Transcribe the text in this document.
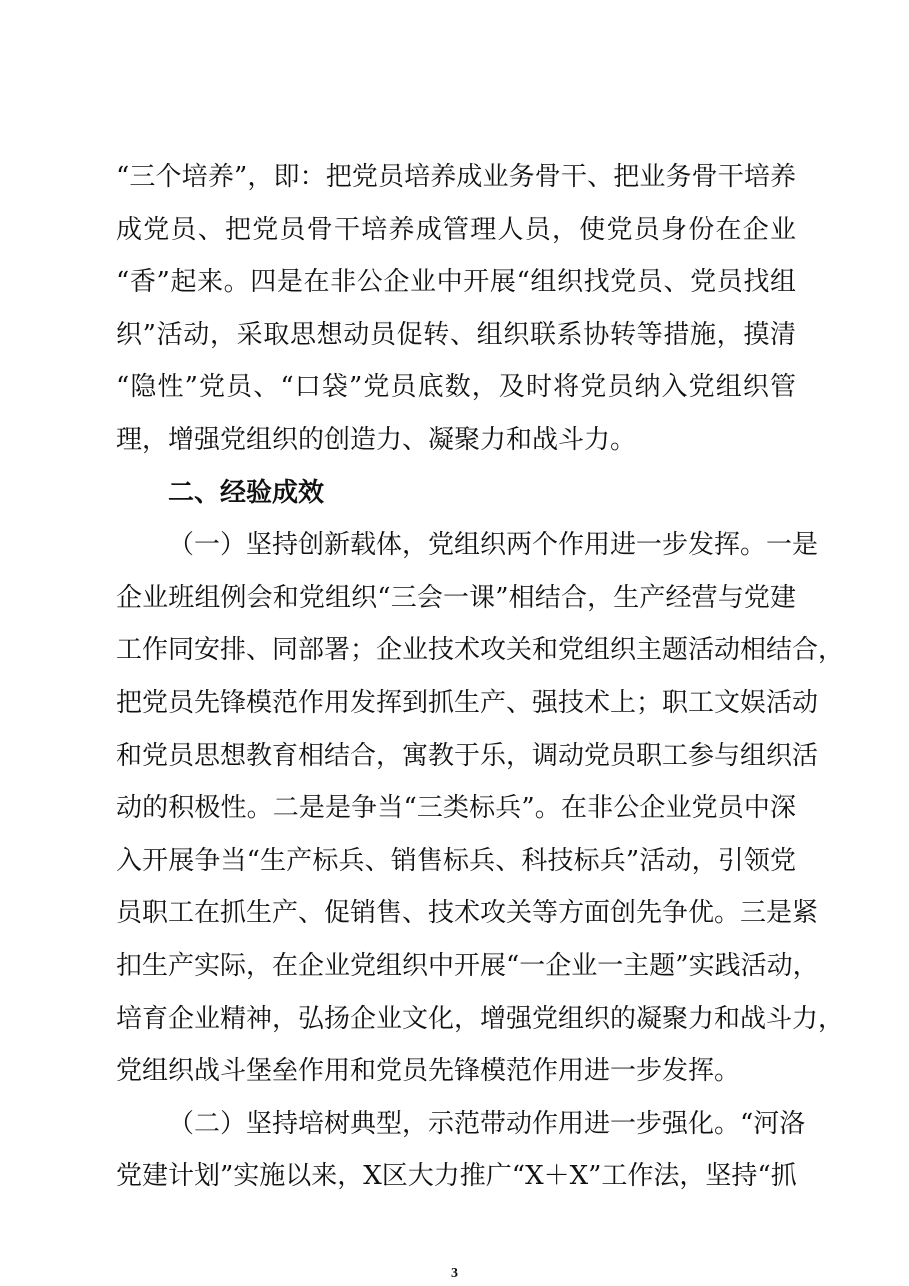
“三个培养”，即：把党员培养成业务骨干、把业务骨干培养
成党员、把党员骨干培养成管理人员，使党员身份在企业
“香”起来。四是在非公企业中开展“组织找党员、党员找组
织”活动，采取思想动员促转、组织联系协转等措施，摸清
“隐性”党员、“口袋”党员底数，及时将党员纳入党组织管
理，增强党组织的创造力、凝聚力和战斗力。
二、经验成效
（一）坚持创新载体，党组织两个作用进一步发挥。一是
企业班组例会和党组织“三会一课”相结合，生产经营与党建
工作同安排、同部署；企业技术攻关和党组织主题活动相结合，
把党员先锋模范作用发挥到抓生产、强技术上；职工文娱活动
和党员思想教育相结合，寓教于乐，调动党员职工参与组织活
动的积极性。二是是争当“三类标兵”。在非公企业党员中深
入开展争当“生产标兵、销售标兵、科技标兵”活动，引领党
员职工在抓生产、促销售、技术攻关等方面创先争优。三是紧
扣生产实际，在企业党组织中开展“一企业一主题”实践活动，
培育企业精神，弘扬企业文化，增强党组织的凝聚力和战斗力，
党组织战斗堡垒作用和党员先锋模范作用进一步发挥。
（二）坚持培树典型，示范带动作用进一步强化。“河洛
党建计划”实施以来，X区大力推广“X＋X”工作法，坚持“抓
3
